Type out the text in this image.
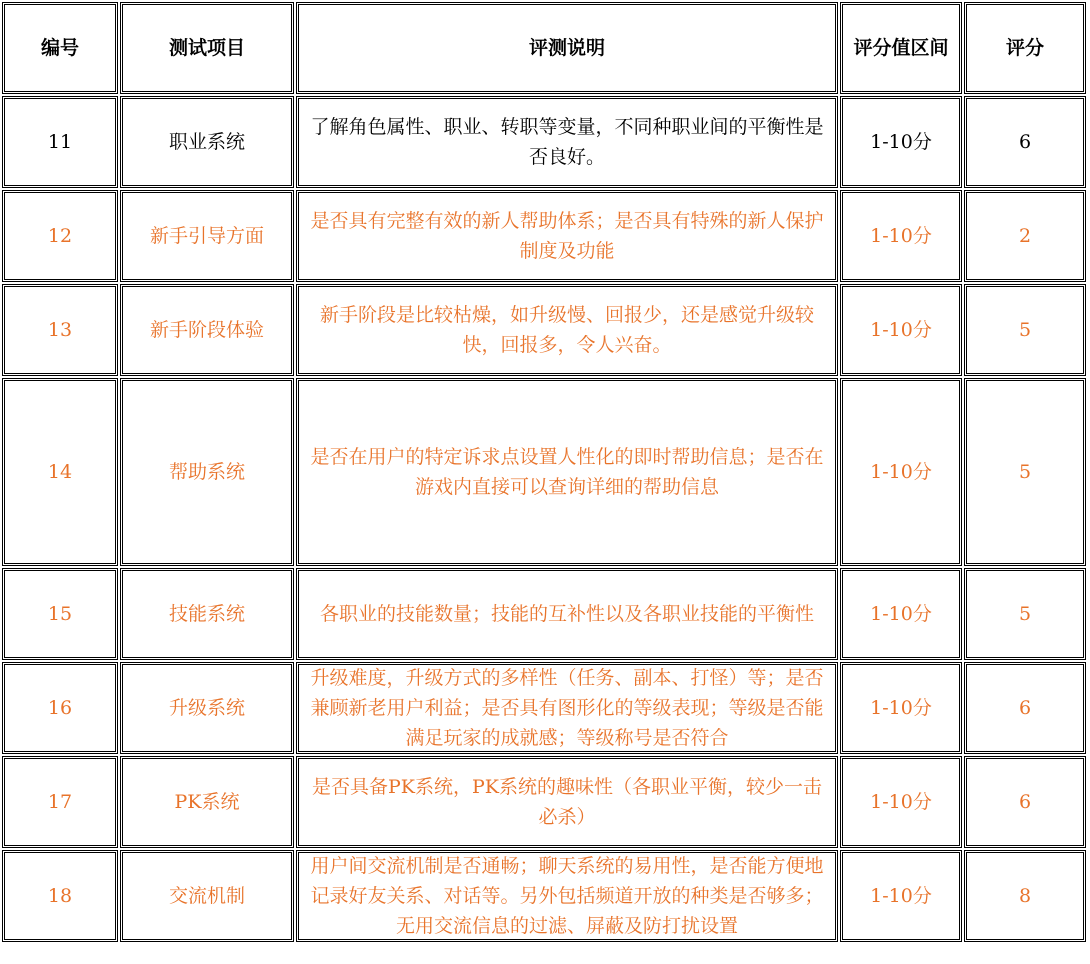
编号	测试项目	评测说明	评分值区间	评分
11	职业系统	了解角色属性、职业、转职等变量，不同种职业间的平衡性是否良好。	1-10分	6
12	新手引导方面	是否具有完整有效的新人帮助体系；是否具有特殊的新人保护制度及功能	1-10分	2
13	新手阶段体验	新手阶段是比较枯燥，如升级慢、回报少，还是感觉升级较快，回报多，令人兴奋。	1-10分	5
14	帮助系统	是否在用户的特定诉求点设置人性化的即时帮助信息；是否在游戏内直接可以查询详细的帮助信息	1-10分	5
15	技能系统	各职业的技能数量；技能的互补性以及各职业技能的平衡性	1-10分	5
16	升级系统	升级难度，升级方式的多样性（任务、副本、打怪）等；是否兼顾新老用户利益；是否具有图形化的等级表现；等级是否能满足玩家的成就感；等级称号是否符合	1-10分	6
17	PK系统	是否具备PK系统，PK系统的趣味性（各职业平衡，较少一击必杀）	1-10分	6
18	交流机制	用户间交流机制是否通畅；聊天系统的易用性，是否能方便地记录好友关系、对话等。另外包括频道开放的种类是否够多；无用交流信息的过滤、屏蔽及防打扰设置	1-10分	8
